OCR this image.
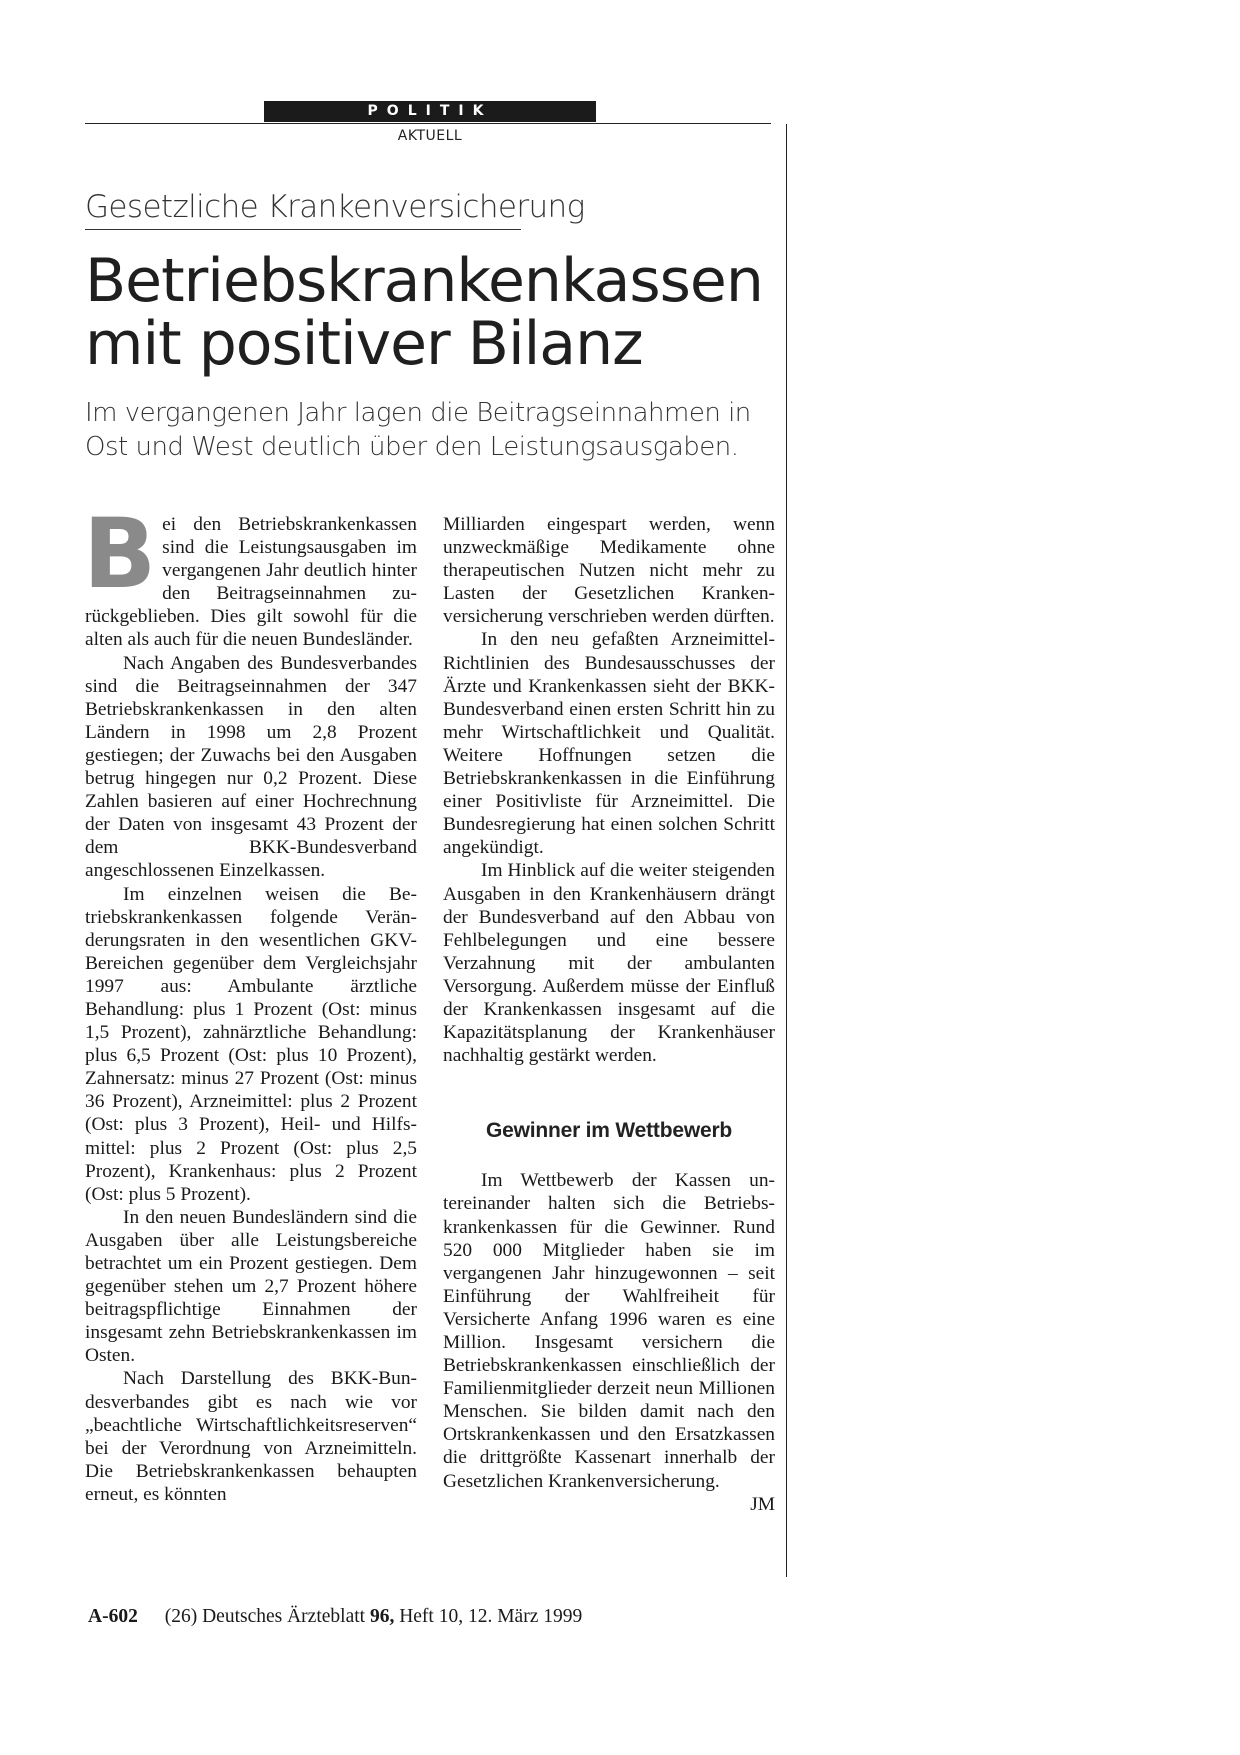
POLITIK
AKTUELL
Gesetzliche Krankenversicherung
Betriebskrankenkassen
mit positiver Bilanz
Im vergangenen Jahr lagen die Beitragseinnahmen in Ost und West deutlich über den Leistungsausgaben.

Bei den Betriebskrankenkassen sind die Leistungsausgaben im vergangenen Jahr deutlich hinter den Beitragseinnahmen zurückgeblieben. Dies gilt sowohl für die alten als auch für die neuen Bundesländer.

Nach Angaben des Bundesverbandes sind die Beitragseinnahmen der 347 Betriebskrankenkassen in den alten Ländern in 1998 um 2,8 Prozent gestiegen; der Zuwachs bei den Ausgaben betrug hingegen nur 0,2 Prozent. Diese Zahlen basieren auf einer Hochrechnung der Daten von insgesamt 43 Prozent der dem BKK-Bundesverband angeschlossenen Einzelkassen.

Im einzelnen weisen die Betriebskrankenkassen folgende Veränderungsraten in den wesentlichen GKV-Bereichen gegenüber dem Vergleichsjahr 1997 aus: Ambulante ärztliche Behandlung: plus 1 Prozent (Ost: minus 1,5 Prozent), zahnärztliche Behandlung: plus 6,5 Prozent (Ost: plus 10 Prozent), Zahnersatz: minus 27 Prozent (Ost: minus 36 Prozent), Arzneimittel: plus 2 Prozent (Ost: plus 3 Prozent), Heil- und Hilfsmittel: plus 2 Prozent (Ost: plus 2,5 Prozent), Krankenhaus: plus 2 Prozent (Ost: plus 5 Prozent).

In den neuen Bundesländern sind die Ausgaben über alle Leistungsbereiche betrachtet um ein Prozent gestiegen. Dem gegenüber stehen um 2,7 Prozent höhere beitragspflichtige Einnahmen der insgesamt zehn Betriebskrankenkassen im Osten.

Nach Darstellung des BKK-Bundesverbandes gibt es nach wie vor „beachtliche Wirtschaftlichkeitsreserven“ bei der Verordnung von Arzneimitteln. Die Betriebskrankenkassen behaupten erneut, es könnten

Milliarden eingespart werden, wenn unzweckmäßige Medikamente ohne therapeutischen Nutzen nicht mehr zu Lasten der Gesetzlichen Krankenversicherung verschrieben werden dürften.

In den neu gefaßten Arzneimittel-Richtlinien des Bundesausschusses der Ärzte und Krankenkassen sieht der BKK-Bundesverband einen ersten Schritt hin zu mehr Wirtschaftlichkeit und Qualität. Weitere Hoffnungen setzen die Betriebskrankenkassen in die Einführung einer Positivliste für Arzneimittel. Die Bundesregierung hat einen solchen Schritt angekündigt.

Im Hinblick auf die weiter steigenden Ausgaben in den Krankenhäusern drängt der Bundesverband auf den Abbau von Fehlbelegungen und eine bessere Verzahnung mit der ambulanten Versorgung. Außerdem müsse der Einfluß der Krankenkassen insgesamt auf die Kapazitätsplanung der Krankenhäuser nachhaltig gestärkt werden.

Gewinner im Wettbewerb

Im Wettbewerb der Kassen untereinander halten sich die Betriebskrankenkassen für die Gewinner. Rund 520 000 Mitglieder haben sie im vergangenen Jahr hinzugewonnen – seit Einführung der Wahlfreiheit für Versicherte Anfang 1996 waren es eine Million. Insgesamt versichern die Betriebskrankenkassen einschließlich der Familienmitglieder derzeit neun Millionen Menschen. Sie bilden damit nach den Ortskrankenkassen und den Ersatzkassen die drittgrößte Kassenart innerhalb der Gesetzlichen Krankenversicherung.
JM

A-602 (26) Deutsches Ärzteblatt 96, Heft 10, 12. März 1999
